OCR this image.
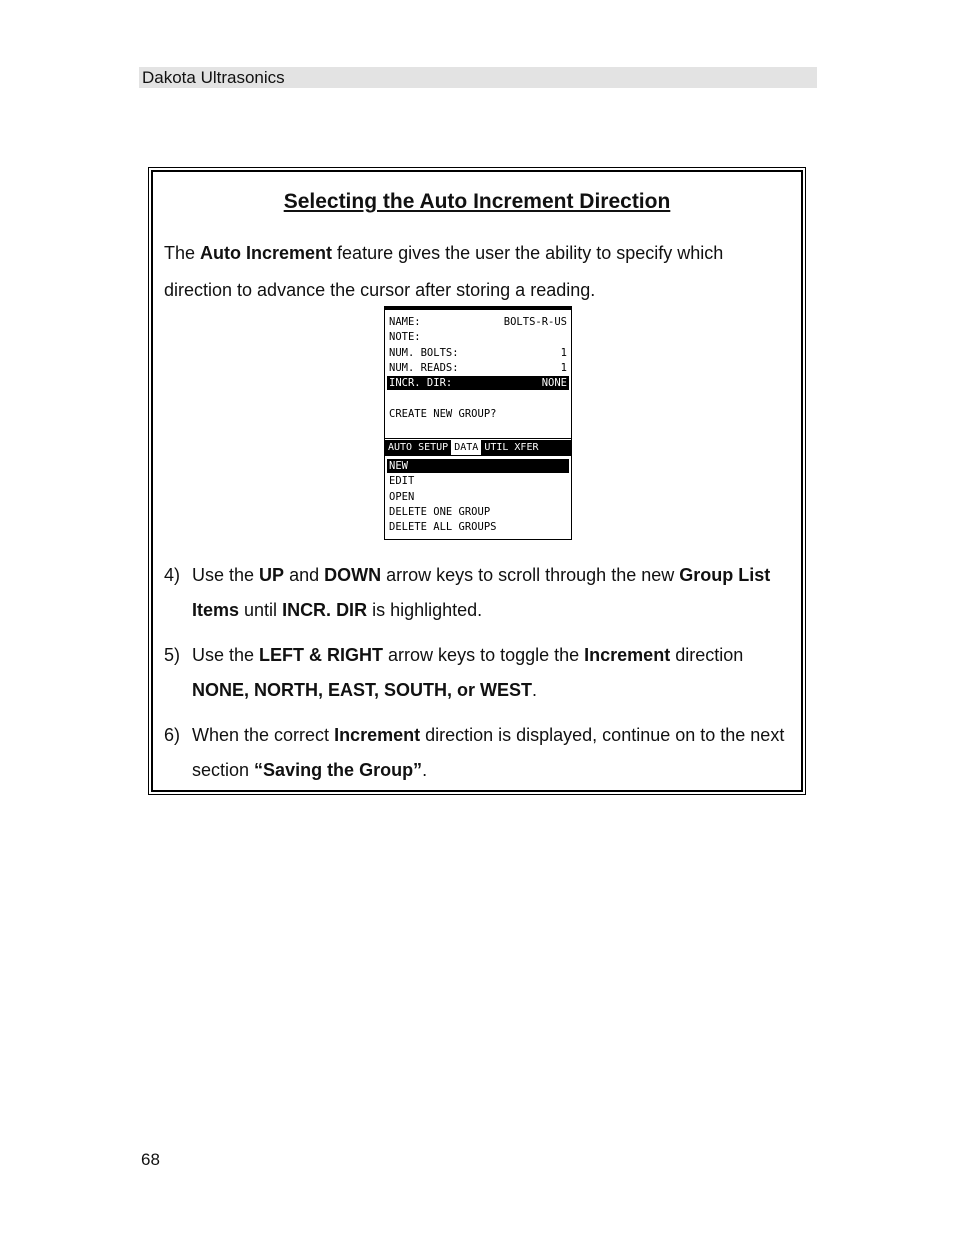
Dakota Ultrasonics
Selecting the Auto Increment Direction
The Auto Increment feature gives the user the ability to specify which direction to advance the cursor after storing a reading.
NAME:	BOLTS-R-US
NOTE:
NUM. BOLTS:	1
NUM. READS:	1
INCR. DIR:	NONE
CREATE NEW GROUP?
AUTO SETUP DATA UTIL XFER
NEW
EDIT
OPEN
DELETE ONE GROUP
DELETE ALL GROUPS
4) Use the UP and DOWN arrow keys to scroll through the new Group List Items until INCR. DIR is highlighted.
5) Use the LEFT & RIGHT arrow keys to toggle the Increment direction NONE, NORTH, EAST, SOUTH, or WEST.
6) When the correct Increment direction is displayed, continue on to the next section “Saving the Group”.
68
